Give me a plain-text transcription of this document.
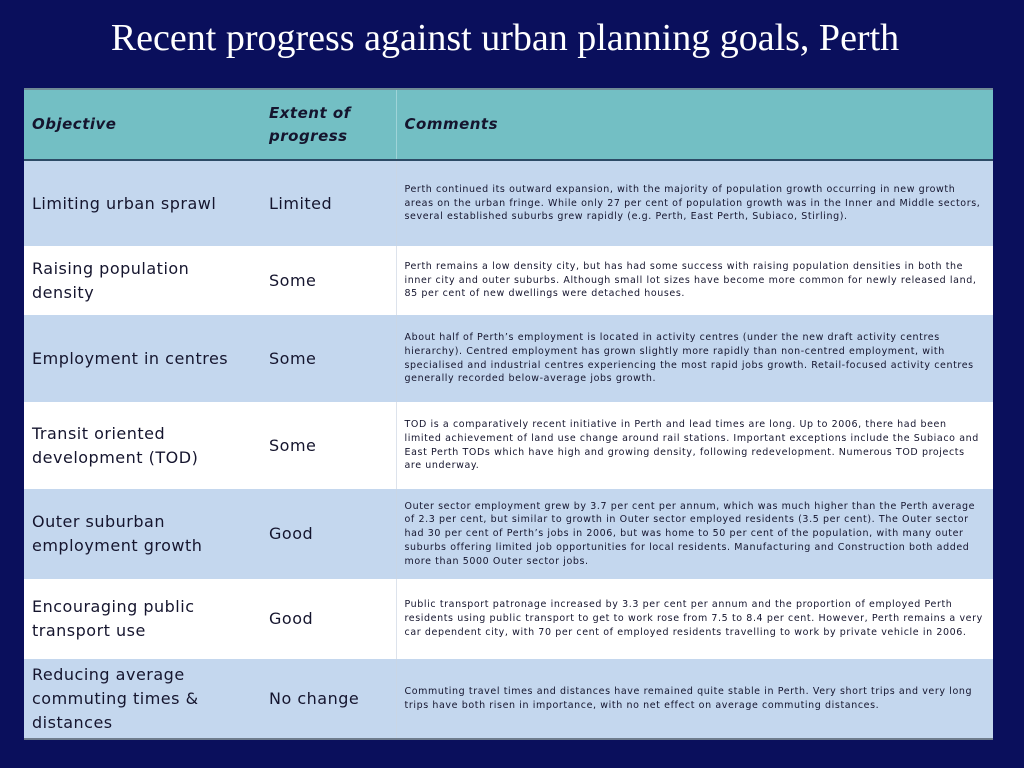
Recent progress against urban planning goals, Perth
Objective	Extent of progress	Comments
Limiting urban sprawl	Limited	Perth continued its outward expansion, with the majority of population growth occurring in new growth areas on the urban fringe. While only 27 per cent of population growth was in the Inner and Middle sectors, several established suburbs grew rapidly (e.g. Perth, East Perth, Subiaco, Stirling).
Raising population density	Some	Perth remains a low density city, but has had some success with raising population densities in both the inner city and outer suburbs. Although small lot sizes have become more common for newly released land, 85 per cent of new dwellings were detached houses.
Employment in centres	Some	About half of Perth’s employment is located in activity centres (under the new draft activity centres hierarchy). Centred employment has grown slightly more rapidly than non-centred employment, with specialised and industrial centres experiencing the most rapid jobs growth. Retail-focused activity centres generally recorded below-average jobs growth.
Transit oriented development (TOD)	Some	TOD is a comparatively recent initiative in Perth and lead times are long. Up to 2006, there had been limited achievement of land use change around rail stations. Important exceptions include the Subiaco and East Perth TODs which have high and growing density, following redevelopment. Numerous TOD projects are underway.
Outer suburban employment growth	Good	Outer sector employment grew by 3.7 per cent per annum, which was much higher than the Perth average of 2.3 per cent, but similar to growth in Outer sector employed residents (3.5 per cent). The Outer sector had 30 per cent of Perth’s jobs in 2006, but was home to 50 per cent of the population, with many outer suburbs offering limited job opportunities for local residents. Manufacturing and Construction both added more than 5000 Outer sector jobs.
Encouraging public transport use	Good	Public transport patronage increased by 3.3 per cent per annum and the proportion of employed Perth residents using public transport to get to work rose from 7.5 to 8.4 per cent. However, Perth remains a very car dependent city, with 70 per cent of employed residents travelling to work by private vehicle in 2006.
Reducing average commuting times & distances	No change	Commuting travel times and distances have remained quite stable in Perth. Very short trips and very long trips have both risen in importance, with no net effect on average commuting distances.
